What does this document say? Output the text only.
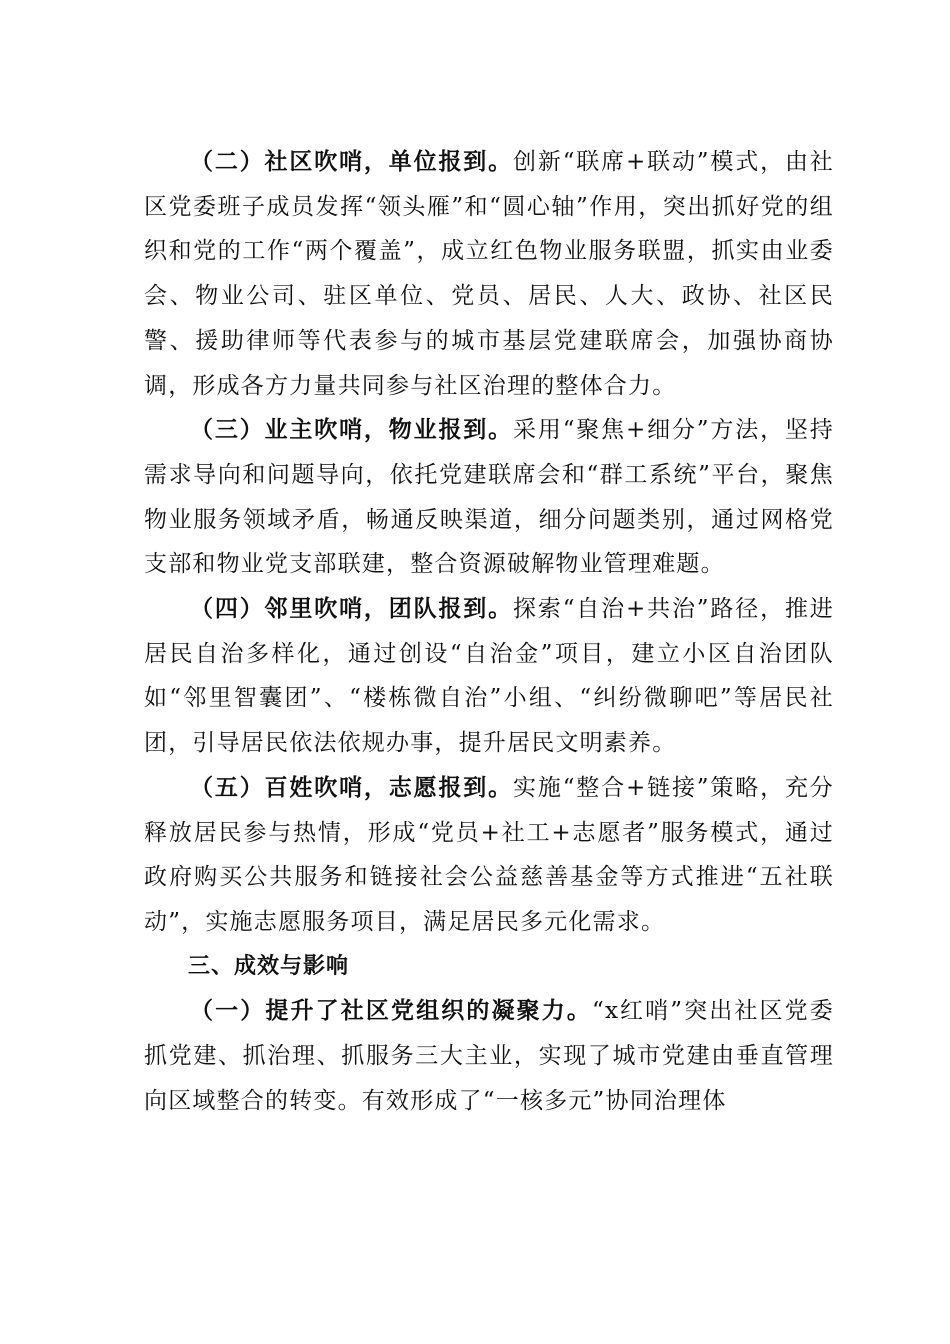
（二）社区吹哨，单位报到。创新“联席+联动”模式，由社区党委班子成员发挥“领头雁”和“圆心轴”作用，突出抓好党的组织和党的工作“两个覆盖”，成立红色物业服务联盟，抓实由业委会、物业公司、驻区单位、党员、居民、人大、政协、社区民警、援助律师等代表参与的城市基层党建联席会，加强协商协调，形成各方力量共同参与社区治理的整体合力。

（三）业主吹哨，物业报到。采用“聚焦+细分”方法，坚持需求导向和问题导向，依托党建联席会和“群工系统”平台，聚焦物业服务领域矛盾，畅通反映渠道，细分问题类别，通过网格党支部和物业党支部联建，整合资源破解物业管理难题。

（四）邻里吹哨，团队报到。探索“自治+共治”路径，推进居民自治多样化，通过创设“自治金”项目，建立小区自治团队如“邻里智囊团”、“楼栋微自治”小组、“纠纷微聊吧”等居民社团，引导居民依法依规办事，提升居民文明素养。

（五）百姓吹哨，志愿报到。实施“整合+链接”策略，充分释放居民参与热情，形成“党员+社工+志愿者”服务模式，通过政府购买公共服务和链接社会公益慈善基金等方式推进“五社联动”，实施志愿服务项目，满足居民多元化需求。

三、成效与影响

（一）提升了社区党组织的凝聚力。“x红哨”突出社区党委抓党建、抓治理、抓服务三大主业，实现了城市党建由垂直管理向区域整合的转变。有效形成了“一核多元”协同治理体
